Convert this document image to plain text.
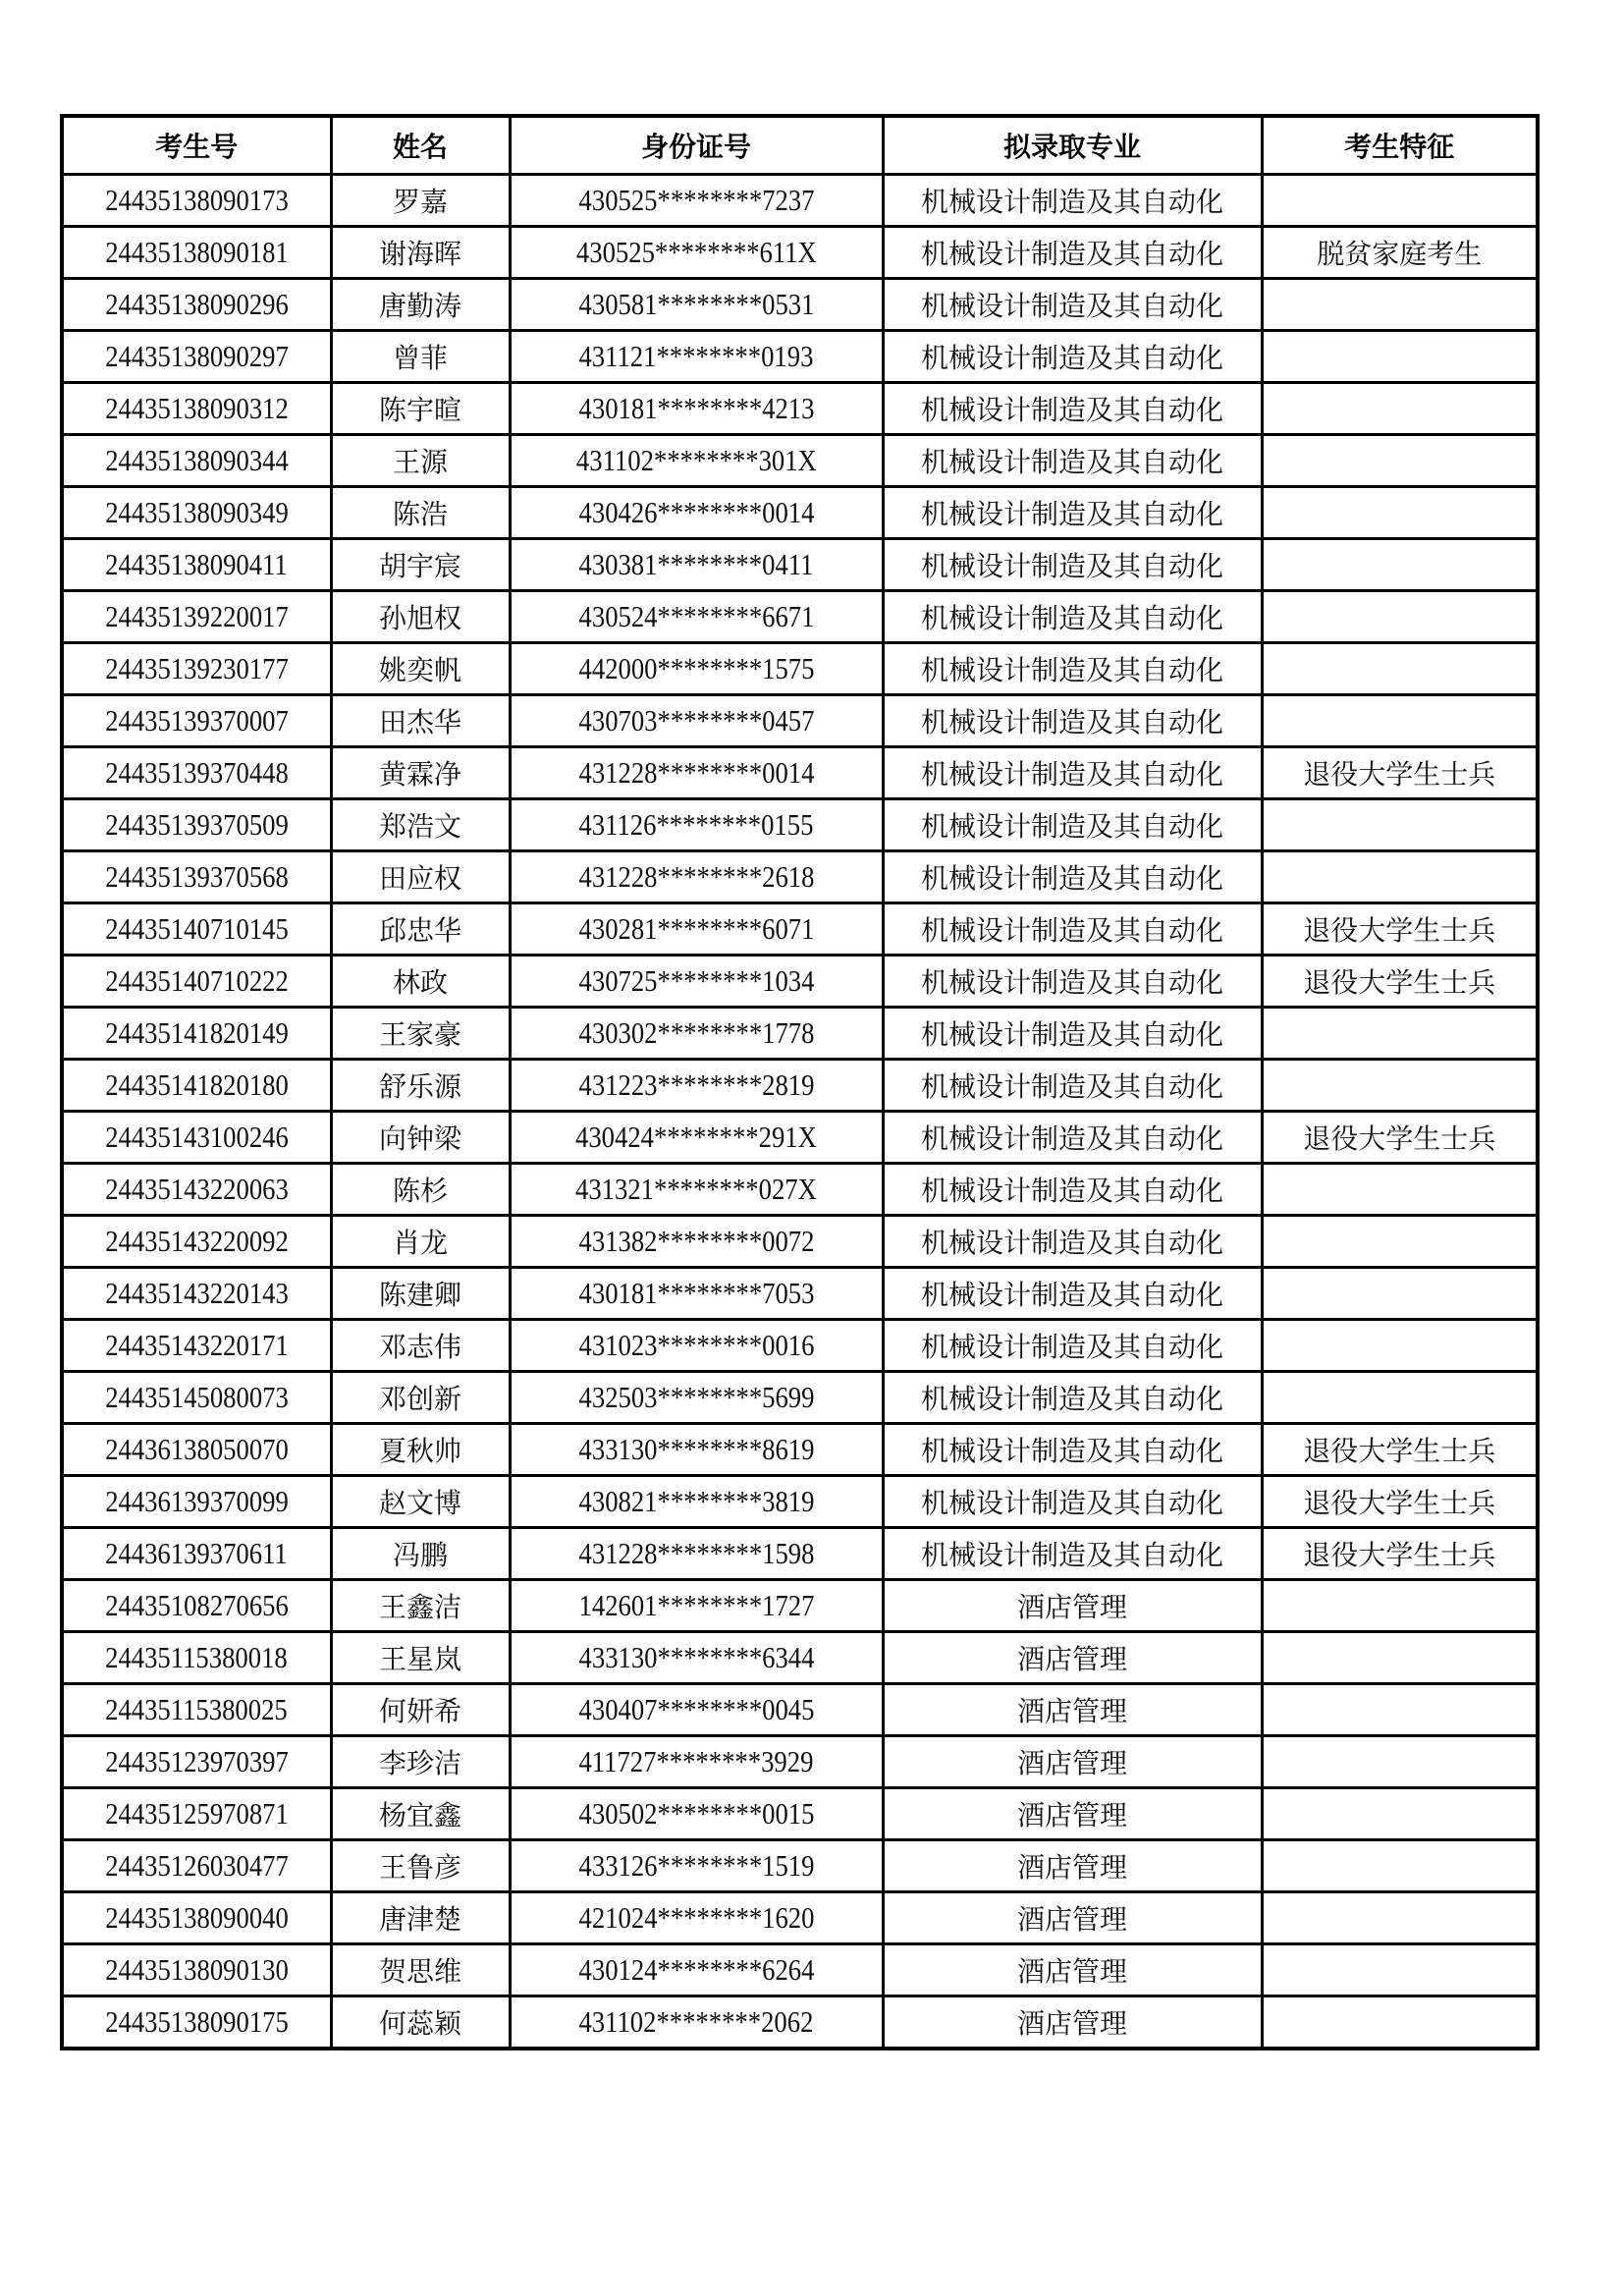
考生号	姓名	身份证号	拟录取专业	考生特征
24435138090173	罗嘉	430525********7237	机械设计制造及其自动化	
24435138090181	谢海晖	430525********611X	机械设计制造及其自动化	脱贫家庭考生
24435138090296	唐勤涛	430581********0531	机械设计制造及其自动化	
24435138090297	曾菲	431121********0193	机械设计制造及其自动化	
24435138090312	陈宇暄	430181********4213	机械设计制造及其自动化	
24435138090344	王源	431102********301X	机械设计制造及其自动化	
24435138090349	陈浩	430426********0014	机械设计制造及其自动化	
24435138090411	胡宇宸	430381********0411	机械设计制造及其自动化	
24435139220017	孙旭权	430524********6671	机械设计制造及其自动化	
24435139230177	姚奕帆	442000********1575	机械设计制造及其自动化	
24435139370007	田杰华	430703********0457	机械设计制造及其自动化	
24435139370448	黄霖净	431228********0014	机械设计制造及其自动化	退役大学生士兵
24435139370509	郑浩文	431126********0155	机械设计制造及其自动化	
24435139370568	田应权	431228********2618	机械设计制造及其自动化	
24435140710145	邱忠华	430281********6071	机械设计制造及其自动化	退役大学生士兵
24435140710222	林政	430725********1034	机械设计制造及其自动化	退役大学生士兵
24435141820149	王家豪	430302********1778	机械设计制造及其自动化	
24435141820180	舒乐源	431223********2819	机械设计制造及其自动化	
24435143100246	向钟梁	430424********291X	机械设计制造及其自动化	退役大学生士兵
24435143220063	陈杉	431321********027X	机械设计制造及其自动化	
24435143220092	肖龙	431382********0072	机械设计制造及其自动化	
24435143220143	陈建卿	430181********7053	机械设计制造及其自动化	
24435143220171	邓志伟	431023********0016	机械设计制造及其自动化	
24435145080073	邓创新	432503********5699	机械设计制造及其自动化	
24436138050070	夏秋帅	433130********8619	机械设计制造及其自动化	退役大学生士兵
24436139370099	赵文博	430821********3819	机械设计制造及其自动化	退役大学生士兵
24436139370611	冯鹏	431228********1598	机械设计制造及其自动化	退役大学生士兵
24435108270656	王鑫洁	142601********1727	酒店管理	
24435115380018	王星岚	433130********6344	酒店管理	
24435115380025	何妍希	430407********0045	酒店管理	
24435123970397	李珍洁	411727********3929	酒店管理	
24435125970871	杨宜鑫	430502********0015	酒店管理	
24435126030477	王鲁彦	433126********1519	酒店管理	
24435138090040	唐津楚	421024********1620	酒店管理	
24435138090130	贺思维	430124********6264	酒店管理	
24435138090175	何蕊颖	431102********2062	酒店管理	
